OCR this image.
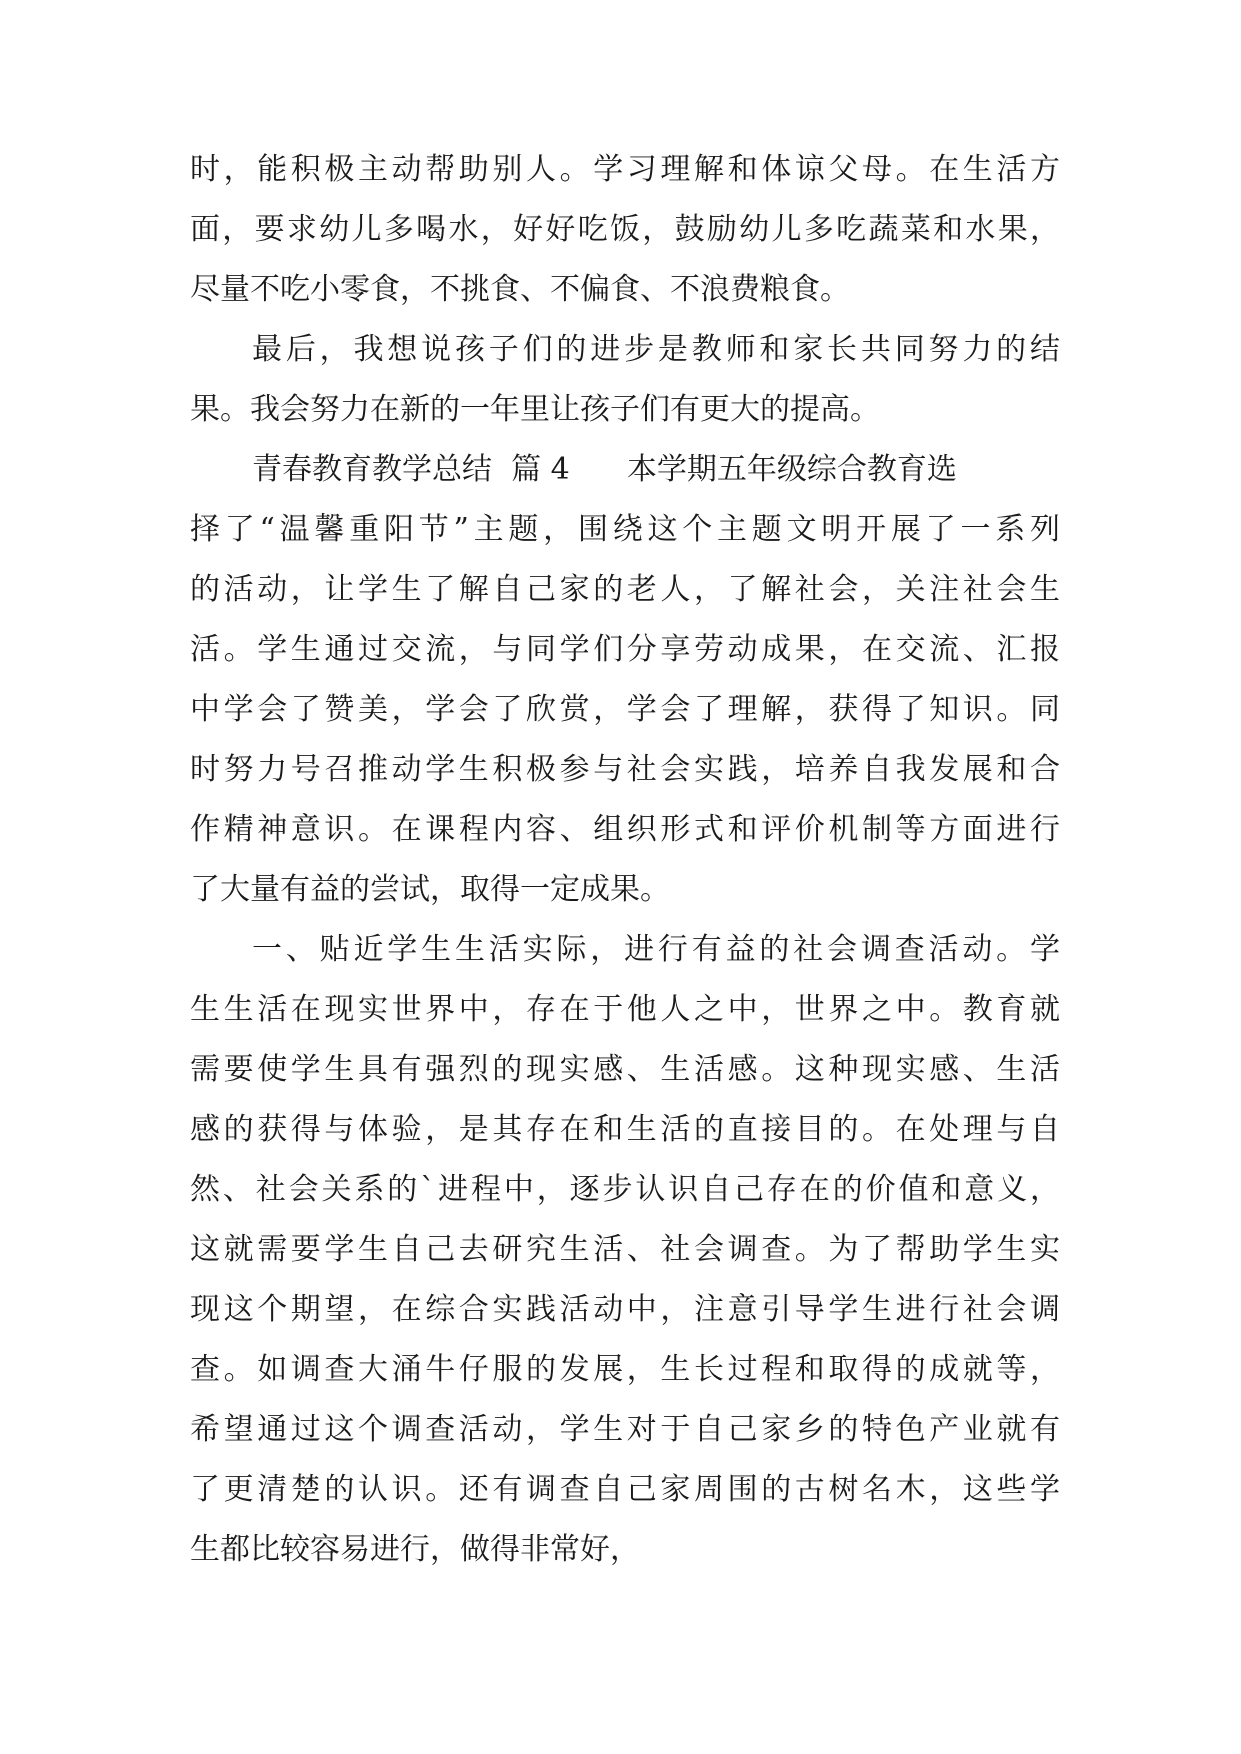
时，能积极主动帮助别人。学习理解和体谅父母。在生活方
面，要求幼儿多喝水，好好吃饭，鼓励幼儿多吃蔬菜和水果，
尽量不吃小零食，不挑食、不偏食、不浪费粮食。
最后，我想说孩子们的进步是教师和家长共同努力的结
果。我会努力在新的一年里让孩子们有更大的提高。
青春教育教学总结  篇 4      本学期五年级综合教育选
择了“温馨重阳节”主题，围绕这个主题文明开展了一系列
的活动，让学生了解自己家的老人，了解社会，关注社会生
活。学生通过交流，与同学们分享劳动成果，在交流、汇报
中学会了赞美，学会了欣赏，学会了理解，获得了知识。同
时努力号召推动学生积极参与社会实践，培养自我发展和合
作精神意识。在课程内容、组织形式和评价机制等方面进行
了大量有益的尝试，取得一定成果。
一、贴近学生生活实际，进行有益的社会调查活动。学
生生活在现实世界中，存在于他人之中，世界之中。教育就
需要使学生具有强烈的现实感、生活感。这种现实感、生活
感的获得与体验，是其存在和生活的直接目的。在处理与自
然、社会关系的`进程中，逐步认识自己存在的价值和意义，
这就需要学生自己去研究生活、社会调查。为了帮助学生实
现这个期望，在综合实践活动中，注意引导学生进行社会调
查。如调查大涌牛仔服的发展，生长过程和取得的成就等，
希望通过这个调查活动，学生对于自己家乡的特色产业就有
了更清楚的认识。还有调查自己家周围的古树名木，这些学
生都比较容易进行，做得非常好，
